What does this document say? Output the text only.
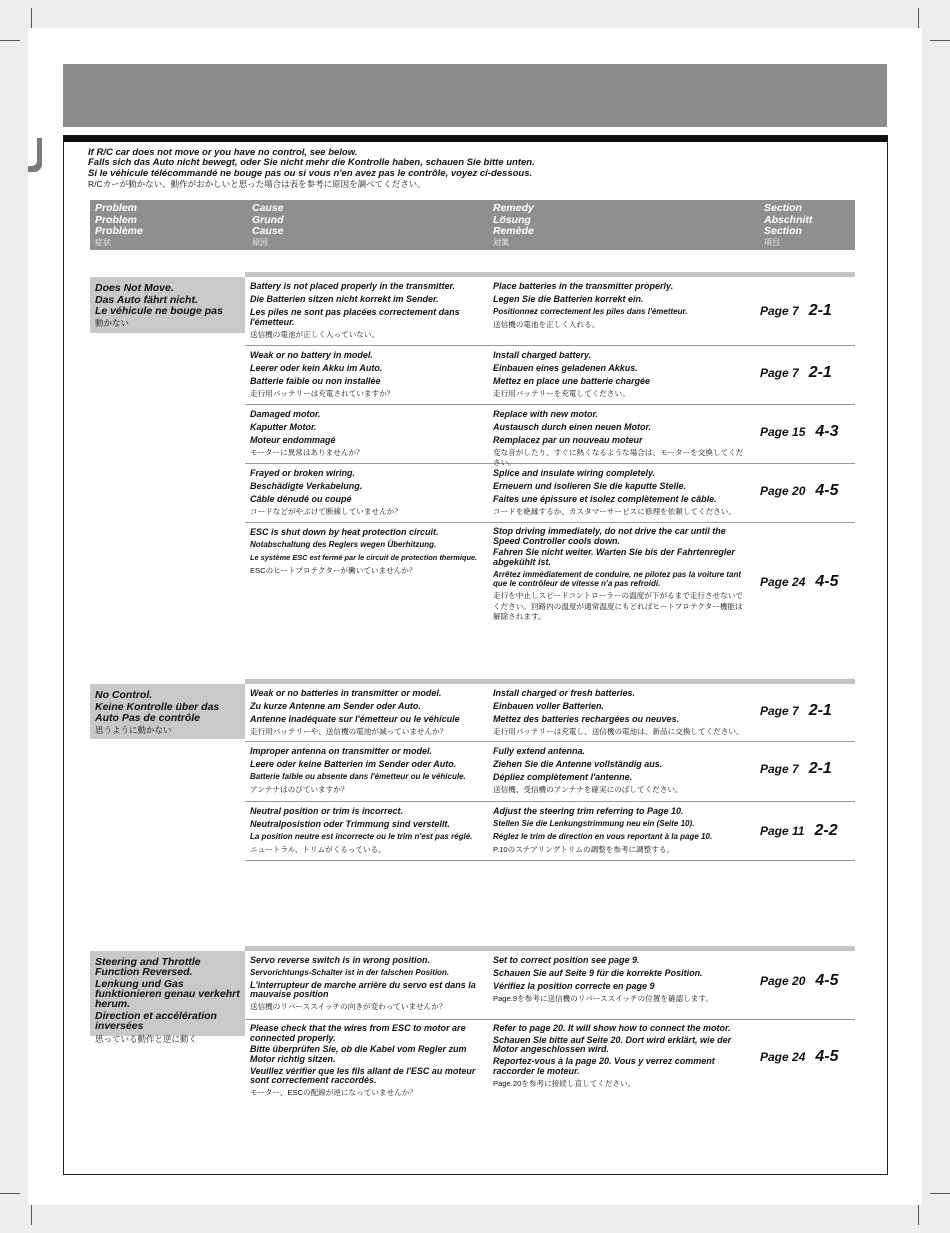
If R/C car does not move or you have no control, see below.
Falls sich das Auto nicht bewegt, oder Sie nicht mehr die Kontrolle haben, schauen Sie bitte unten.
Si le véhicule télécommandé ne bouge pas ou si vous n'en avez pas le contrôle, voyez ci-dessous.
R/Cカーが動かない、動作がおかしいと思った場合は表を参考に原因を調べてください。
Problem
Problem
Problème
症状
Cause
Grund
Cause
原因
Remedy
Lösung
Remède
対策
Section
Abschnitt
Section
項目
Does Not Move.
Das Auto fährt nicht.
Le véhicule ne bouge pas
動かない
Battery is not placed properly in the transmitter.
Die Batterien sitzen nicht korrekt im Sender.
Les piles ne sont pas placées correctement dans l'émetteur.
送信機の電池が正しく入っていない。
Place batteries in the transmitter properly.
Legen Sie die Batterien korrekt ein.
Positionnez correctement les piles dans l'émetteur.
送信機の電池を正しく入れる。
Page 7 2-1
Weak or no battery in model.
Leerer oder kein Akku im Auto.
Batterie faible ou non installée
走行用バッテリーは充電されていますか？
Install charged battery.
Einbauen eines geladenen Akkus.
Mettez en place une batterie chargée
走行用バッテリーを充電してください。
Page 7 2-1
Damaged motor.
Kaputter Motor.
Moteur endommagé
モーターに異常はありませんか？
Replace with new motor.
Austausch durch einen neuen Motor.
Remplacez par un nouveau moteur
変な音がしたり、すぐに熱くなるような場合は、モーターを交換してください。
Page 15 4-3
Frayed or broken wiring.
Beschädigte Verkabelung.
Câble dénudé ou coupé
コードなどがやぶけて断線していませんか？
Splice and insulate wiring completely.
Erneuern und isolieren Sie die kaputte Stelle.
Faites une épissure et isolez complètement le câble.
コードを絶縁するか、カスタマーサービスに修理を依頼してください。
Page 20 4-5
ESC is shut down by heat protection circuit.
Notabschaltung des Reglers wegen Überhitzung.
Le système ESC est fermé par le circuit de protection thermique.
ESCのヒートプロテクターが働いていませんか？
Stop driving immediately, do not drive the car until the Speed Controller cools down.
Fahren Sie nicht weiter. Warten Sie bis der Fahrtenregler abgekühlt ist.
Arrêtez immédiatement de conduire, ne pilotez pas la voiture tant que le contrôleur de vitesse n'a pas refroidi.
走行を中止しスピードコントローラーの温度が下がるまで走行させないでください。回路内の温度が通常温度にもどればヒートプロテクター機能は解除されます。
Page 24 4-5
No Control.
Keine Kontrolle über das Auto Pas de contrôle
思うように動かない
Weak or no batteries in transmitter or model.
Zu kurze Antenne am Sender oder Auto.
Antenne inadéquate sur l'émetteur ou le véhicule
走行用バッテリーや、送信機の電池が減っていませんか？
Install charged or fresh batteries.
Einbauen voller Batterien.
Mettez des batteries rechargées ou neuves.
走行用バッテリーは充電し、送信機の電池は、新品に交換してください。
Page 7 2-1
Improper antenna on transmitter or model.
Leere oder keine Batterien im Sender oder Auto.
Batterie faible ou absente dans l'émetteur ou le véhicule.
アンテナはのびていますか？
Fully extend antenna.
Ziehen Sie die Antenne vollständig aus.
Dépliez complètement l'antenne.
送信機、受信機のアンテナを確実にのばしてください。
Page 7 2-1
Neutral position or trim is incorrect.
Neutralposistion oder Trimmung sind verstellt.
La position neutre est incorrecte ou le trim n'est pas réglé.
ニュートラル、トリムがくるっている。
Adjust the steering trim referring to Page 10.
Stellen Sie die Lenkungstrimmung neu ein (Seite 10).
Réglez le trim de direction en vous reportant à la page 10.
P.10のステアリングトリムの調整を参考に調整する。
Page 11 2-2
Steering and Throttle Function Reversed.
Lenkung und Gas funktionieren genau verkehrt herum.
Direction et accélération inversées
思っている動作と逆に動く
Servo reverse switch is in wrong position.
Servorichtungs-Schalter ist in der falschen Position.
L'interrupteur de marche arrière du servo est dans la mauvaise position
送信機のリバーススイッチの向きが変わっていませんか？
Set to correct position see page 9.
Schauen Sie auf Seite 9 für die korrekte Position.
Vérifiez la position correcte en page 9
Page.9を参考に送信機のリバーススイッチの位置を確認します。
Page 20 4-5
Please check that the wires from ESC to motor are connected properly.
Bitte überprüfen Sie, ob die Kabel vom Regler zum Motor richtig sitzen.
Veuillez vérifier que les fils allant de l'ESC au moteur sont correctement raccordés.
モーター、ESCの配線が逆になっていませんか？
Refer to page 20. It will show how to connect the motor.
Schauen Sie bitte auf Seite 20. Dort wird erklärt, wie der Motor angeschlossen wird.
Reportez-vous à la page 20. Vous y verrez comment raccorder le moteur.
Page.20を参考に接続し直してください。
Page 24 4-5
